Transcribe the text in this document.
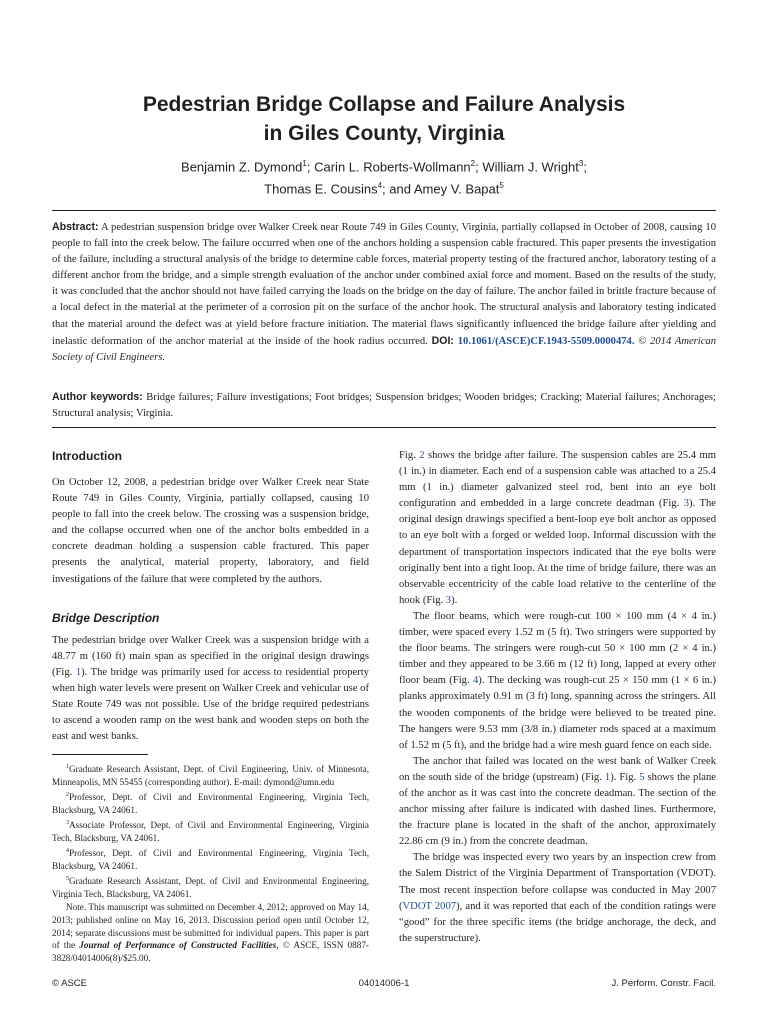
Pedestrian Bridge Collapse and Failure Analysis
in Giles County, Virginia
Benjamin Z. Dymond$^1$; Carin L. Roberts-Wollmann$^2$; William J. Wright$^3$;
Thomas E. Cousins$^4$; and Amey V. Bapat$^5$
Abstract: A pedestrian suspension bridge over Walker Creek near Route 749 in Giles County, Virginia, partially collapsed in October of 2008, causing 10 people to fall into the creek below. The failure occurred when one of the anchors holding a suspension cable fractured. This paper presents the investigation of the failure, including a structural analysis of the bridge to determine cable forces, material property testing of the fractured anchor, laboratory testing of a different anchor from the bridge, and a simple strength evaluation of the anchor under combined axial force and moment. Based on the results of the study, it was concluded that the anchor should not have failed carrying the loads on the bridge on the day of failure. The anchor failed in brittle fracture because of a local defect in the material at the perimeter of a corrosion pit on the surface of the anchor hook. The structural analysis and laboratory testing indicated that the material around the defect was at yield before fracture initiation. The material flaws significantly influenced the bridge failure after yielding and inelastic deformation of the anchor material at the inside of the hook radius occurred. DOI: 10.1061/(ASCE)CF.1943-5509.0000474. © 2014 American Society of Civil Engineers.
Author keywords: Bridge failures; Failure investigations; Foot bridges; Suspension bridges; Wooden bridges; Cracking; Material failures; Anchorages; Structural analysis; Virginia.
Introduction

On October 12, 2008, a pedestrian bridge over Walker Creek near State Route 749 in Giles County, Virginia, partially collapsed, causing 10 people to fall into the creek below. The crossing was a suspension bridge, and the collapse occurred when one of the anchor bolts embedded in a concrete deadman holding a suspension cable fractured. This paper presents the analytical, material property, laboratory, and field investigations of the failure that were completed by the authors.

Bridge Description

The pedestrian bridge over Walker Creek was a suspension bridge with a 48.77 m (160 ft) main span as specified in the original design drawings (Fig. 1). The bridge was primarily used for access to residential property when high water levels were present on Walker Creek and vehicular use of State Route 749 was not possible. Use of the bridge required pedestrians to ascend a wooden ramp on the west bank and wooden steps on both the east and west banks.

$^1$Graduate Research Assistant, Dept. of Civil Engineering, Univ. of Minnesota, Minneapolis, MN 55455 (corresponding author). E-mail: dymond@umn.edu

$^2$Professor, Dept. of Civil and Environmental Engineering, Virginia Tech, Blacksburg, VA 24061.

$^3$Associate Professor, Dept. of Civil and Environmental Engineering, Virginia Tech, Blacksburg, VA 24061.

$^4$Professor, Dept. of Civil and Environmental Engineering, Virginia Tech, Blacksburg, VA 24061.

$^5$Graduate Research Assistant, Dept. of Civil and Environmental Engineering, Virginia Tech, Blacksburg, VA 24061.

Note. This manuscript was submitted on December 4, 2012; approved on May 14, 2013; published online on May 16, 2013. Discussion period open until October 12, 2014; separate discussions must be submitted for individual papers. This paper is part of the Journal of Performance of Constructed Facilities, © ASCE, ISSN 0887-3828/04014006(8)/$25.00.

Fig. 2 shows the bridge after failure. The suspension cables are 25.4 mm (1 in.) in diameter. Each end of a suspension cable was attached to a 25.4 mm (1 in.) diameter galvanized steel rod, bent into an eye bolt configuration and embedded in a large concrete deadman (Fig. 3). The original design drawings specified a bent-loop eye bolt anchor as opposed to an eye bolt with a forged or welded loop. Informal discussion with the department of transportation inspectors indicated that the eye bolts were originally bent into a tight loop. At the time of bridge failure, there was an observable eccentricity of the cable load relative to the centerline of the hook (Fig. 3).

The floor beams, which were rough-cut 100 × 100 mm (4 × 4 in.) timber, were spaced every 1.52 m (5 ft). Two stringers were supported by the floor beams. The stringers were rough-cut 50 × 100 mm (2 × 4 in.) timber and they appeared to be 3.66 m (12 ft) long, lapped at every other floor beam (Fig. 4). The decking was rough-cut 25 × 150 mm (1 × 6 in.) planks approximately 0.91 m (3 ft) long, spanning across the stringers. All the wooden components of the bridge were believed to be treated pine. The hangers were 9.53 mm (3/8 in.) diameter rods spaced at a maximum of 1.52 m (5 ft), and the bridge had a wire mesh guard fence on each side.

The anchor that failed was located on the west bank of Walker Creek on the south side of the bridge (upstream) (Fig. 1). Fig. 5 shows the plane of the anchor as it was cast into the concrete deadman. The section of the anchor missing after failure is indicated with dashed lines. Furthermore, the fracture plane is located in the shaft of the anchor, approximately 22.86 cm (9 in.) from the concrete deadman.

The bridge was inspected every two years by an inspection crew from the Salem District of the Virginia Department of Transportation (VDOT). The most recent inspection before collapse was conducted in May 2007 (VDOT 2007), and it was reported that each of the condition ratings were “good” for the three specific items (the bridge anchorage, the deck, and the superstructure).

© ASCE	04014006-1	J. Perform. Constr. Facil.
